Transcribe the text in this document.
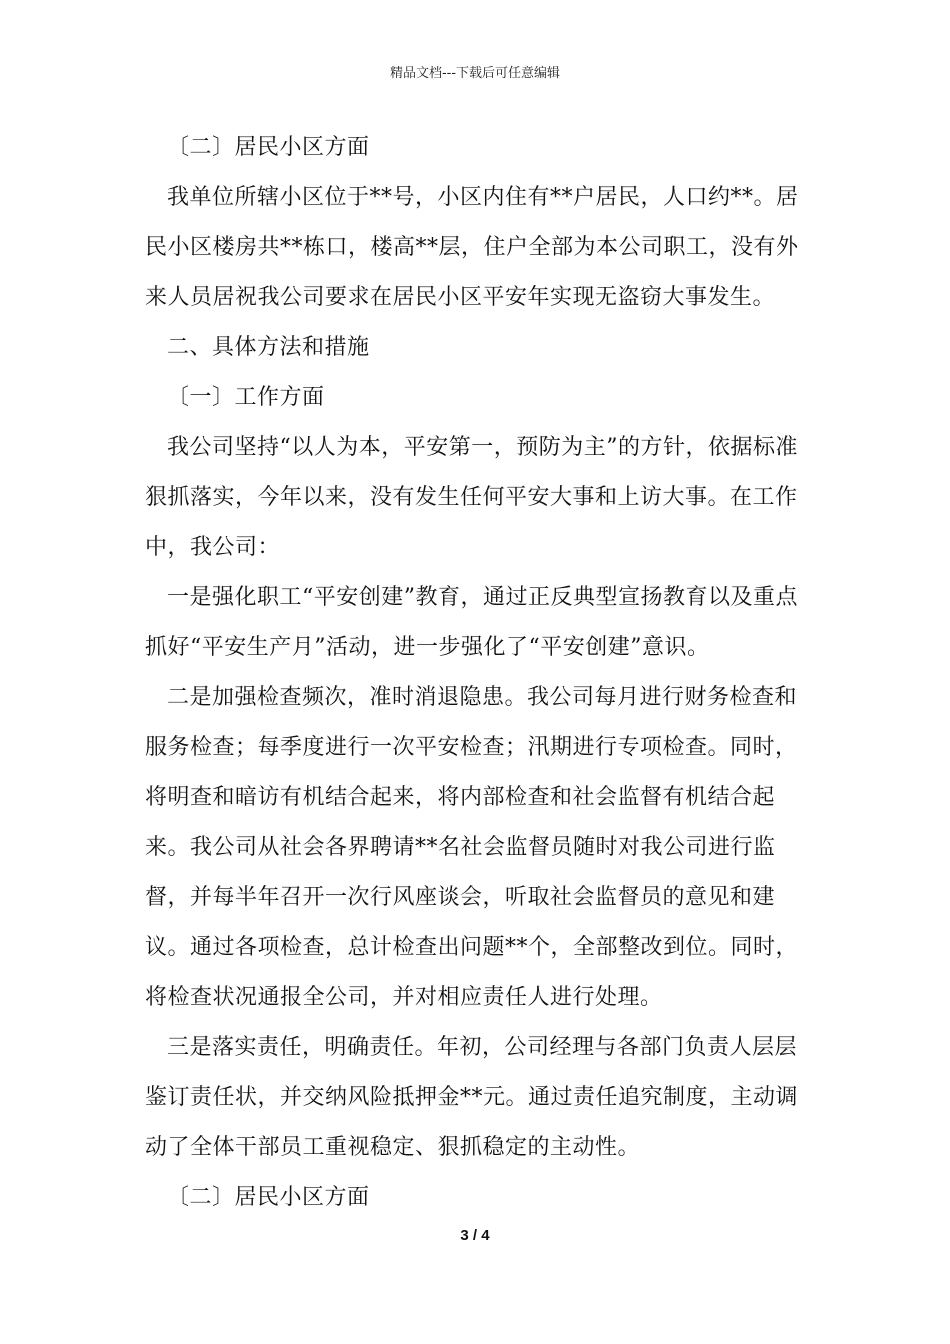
精品文档---下载后可任意编辑

〔二〕居民小区方面

我单位所辖小区位于**号，小区内住有**户居民，人口约**。居民小区楼房共**栋口，楼高**层，住户全部为本公司职工，没有外来人员居祝我公司要求在居民小区平安年实现无盗窃大事发生。

二、具体方法和措施

〔一〕工作方面

我公司坚持“以人为本，平安第一，预防为主”的方针，依据标准狠抓落实，今年以来，没有发生任何平安大事和上访大事。在工作中，我公司：

一是强化职工“平安创建”教育，通过正反典型宣扬教育以及重点抓好“平安生产月”活动，进一步强化了“平安创建”意识。

二是加强检查频次，准时消退隐患。我公司每月进行财务检查和服务检查；每季度进行一次平安检查；汛期进行专项检查。同时，将明查和暗访有机结合起来，将内部检查和社会监督有机结合起来。我公司从社会各界聘请**名社会监督员随时对我公司进行监督，并每半年召开一次行风座谈会，听取社会监督员的意见和建议。通过各项检查，总计检查出问题**个，全部整改到位。同时，将检查状况通报全公司，并对相应责任人进行处理。

三是落实责任，明确责任。年初，公司经理与各部门负责人层层鉴订责任状，并交纳风险抵押金**元。通过责任追究制度，主动调动了全体干部员工重视稳定、狠抓稳定的主动性。

〔二〕居民小区方面

3 / 4
